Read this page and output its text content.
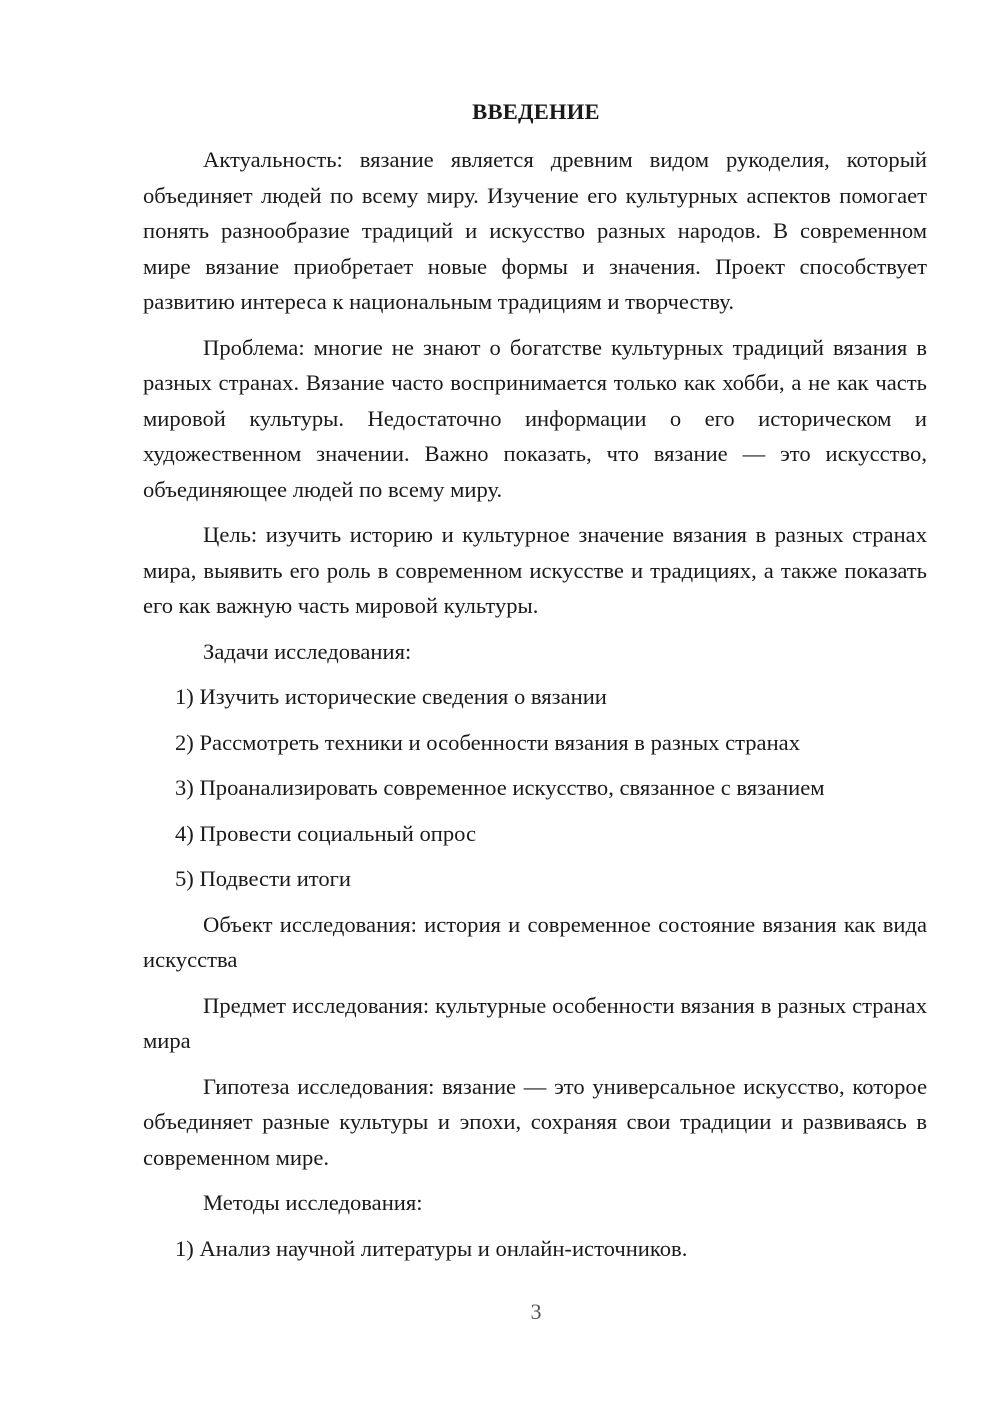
ВВЕДЕНИЕ

Актуальность: вязание является древним видом рукоделия, который объединяет людей по всему миру. Изучение его культурных аспектов помогает понять разнообразие традиций и искусство разных народов. В современном мире вязание приобретает новые формы и значения. Проект способствует развитию интереса к национальным традициям и творчеству.

Проблема: многие не знают о богатстве культурных традиций вязания в разных странах. Вязание часто воспринимается только как хобби, а не как часть мировой культуры. Недостаточно информации о его историческом и художественном значении. Важно показать, что вязание — это искусство, объединяющее людей по всему миру.

Цель: изучить историю и культурное значение вязания в разных странах мира, выявить его роль в современном искусстве и традициях, а также показать его как важную часть мировой культуры.

Задачи исследования:

1) Изучить исторические сведения о вязании
2) Рассмотреть техники и особенности вязания в разных странах
3) Проанализировать современное искусство, связанное с вязанием
4) Провести социальный опрос
5) Подвести итоги

Объект исследования: история и современное состояние вязания как вида искусства

Предмет исследования: культурные особенности вязания в разных странах мира

Гипотеза исследования: вязание — это универсальное искусство, которое объединяет разные культуры и эпохи, сохраняя свои традиции и развиваясь в современном мире.

Методы исследования:

1) Анализ научной литературы и онлайн-источников.
3
